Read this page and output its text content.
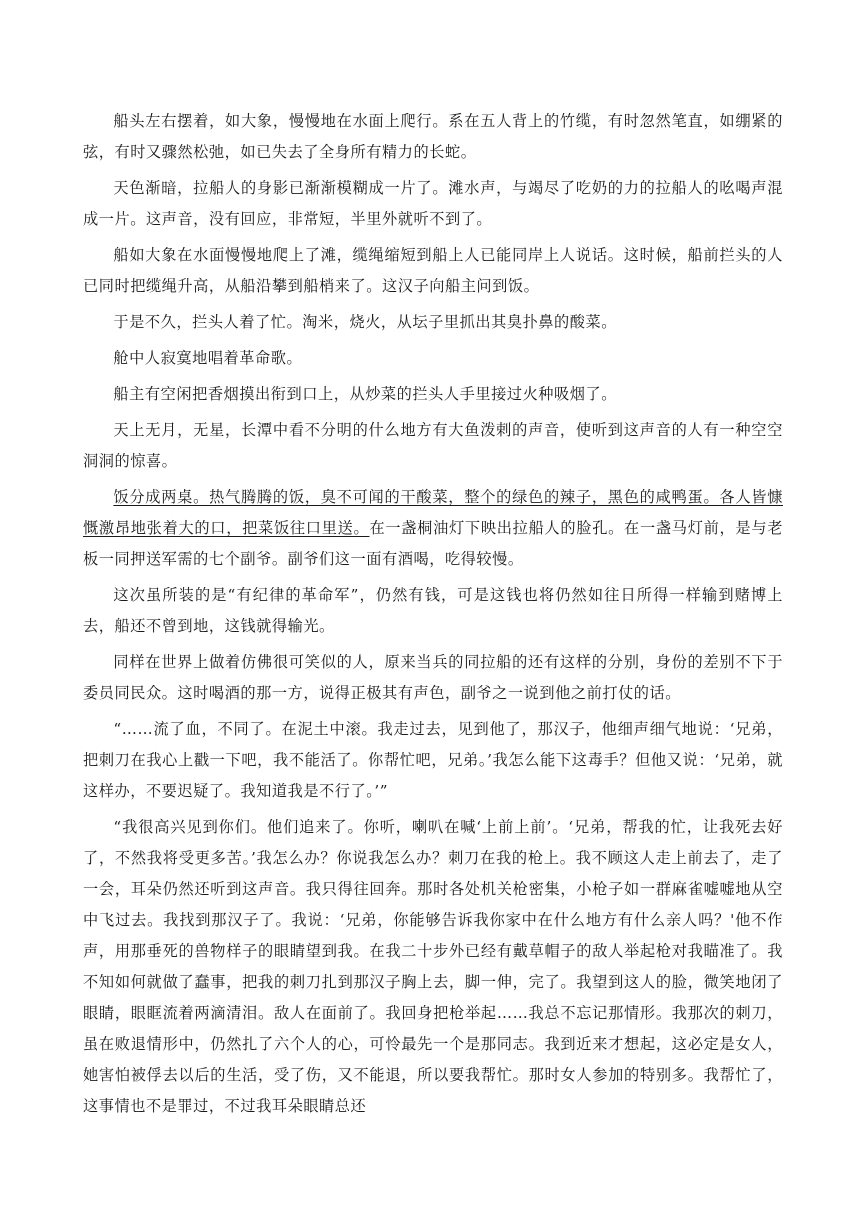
船头左右摆着，如大象，慢慢地在水面上爬行。系在五人背上的竹缆，有时忽然笔直，如绷紧的弦，有时又骤然松弛，如已失去了全身所有精力的长蛇。

天色渐暗，拉船人的身影已渐渐模糊成一片了。滩水声，与竭尽了吃奶的力的拉船人的吆喝声混成一片。这声音，没有回应，非常短，半里外就听不到了。

船如大象在水面慢慢地爬上了滩，缆绳缩短到船上人已能同岸上人说话。这时候，船前拦头的人已同时把缆绳升高，从船沿攀到船梢来了。这汉子向船主问到饭。

于是不久，拦头人着了忙。淘米，烧火，从坛子里抓出其臭扑鼻的酸菜。

舱中人寂寞地唱着革命歌。

船主有空闲把香烟摸出衔到口上，从炒菜的拦头人手里接过火种吸烟了。

天上无月，无星，长潭中看不分明的什么地方有大鱼泼剌的声音，使听到这声音的人有一种空空洞洞的惊喜。

饭分成两桌。热气腾腾的饭，臭不可闻的干酸菜，整个的绿色的辣子，黑色的咸鸭蛋。各人皆慷慨激昂地张着大的口，把菜饭往口里送。在一盏桐油灯下映出拉船人的脸孔。在一盏马灯前，是与老板一同押送军需的七个副爷。副爷们这一面有酒喝，吃得较慢。

这次虽所装的是“有纪律的革命军”，仍然有钱，可是这钱也将仍然如往日所得一样输到赌博上去，船还不曾到地，这钱就得输光。

同样在世界上做着仿佛很可笑似的人，原来当兵的同拉船的还有这样的分别，身份的差别不下于委员同民众。这时喝酒的那一方，说得正极其有声色，副爷之一说到他之前打仗的话。

“……流了血，不同了。在泥土中滚。我走过去，见到他了，那汉子，他细声细气地说：‘兄弟，把刺刀在我心上戳一下吧，我不能活了。你帮忙吧，兄弟。’我怎么能下这毒手？但他又说：‘兄弟，就这样办，不要迟疑了。我知道我是不行了。’”

“我很高兴见到你们。他们追来了。你听，喇叭在喊‘上前上前’。‘兄弟，帮我的忙，让我死去好了，不然我将受更多苦。’我怎么办？你说我怎么办？刺刀在我的枪上。我不顾这人走上前去了，走了一会，耳朵仍然还听到这声音。我只得往回奔。那时各处机关枪密集，小枪子如一群麻雀嘘嘘地从空中飞过去。我找到那汉子了。我说：‘兄弟，你能够告诉我你家中在什么地方有什么亲人吗？'他不作声，用那垂死的兽物样子的眼睛望到我。在我二十步外已经有戴草帽子的敌人举起枪对我瞄准了。我不知如何就做了蠢事，把我的刺刀扎到那汉子胸上去，脚一伸，完了。我望到这人的脸，微笑地闭了眼睛，眼眶流着两滴清泪。敌人在面前了。我回身把枪举起……我总不忘记那情形。我那次的刺刀，虽在败退情形中，仍然扎了六个人的心，可怜最先一个是那同志。我到近来才想起，这必定是女人，她害怕被俘去以后的生活，受了伤，又不能退，所以要我帮忙。那时女人参加的特别多。我帮忙了，这事情也不是罪过，不过我耳朵眼睛总还
